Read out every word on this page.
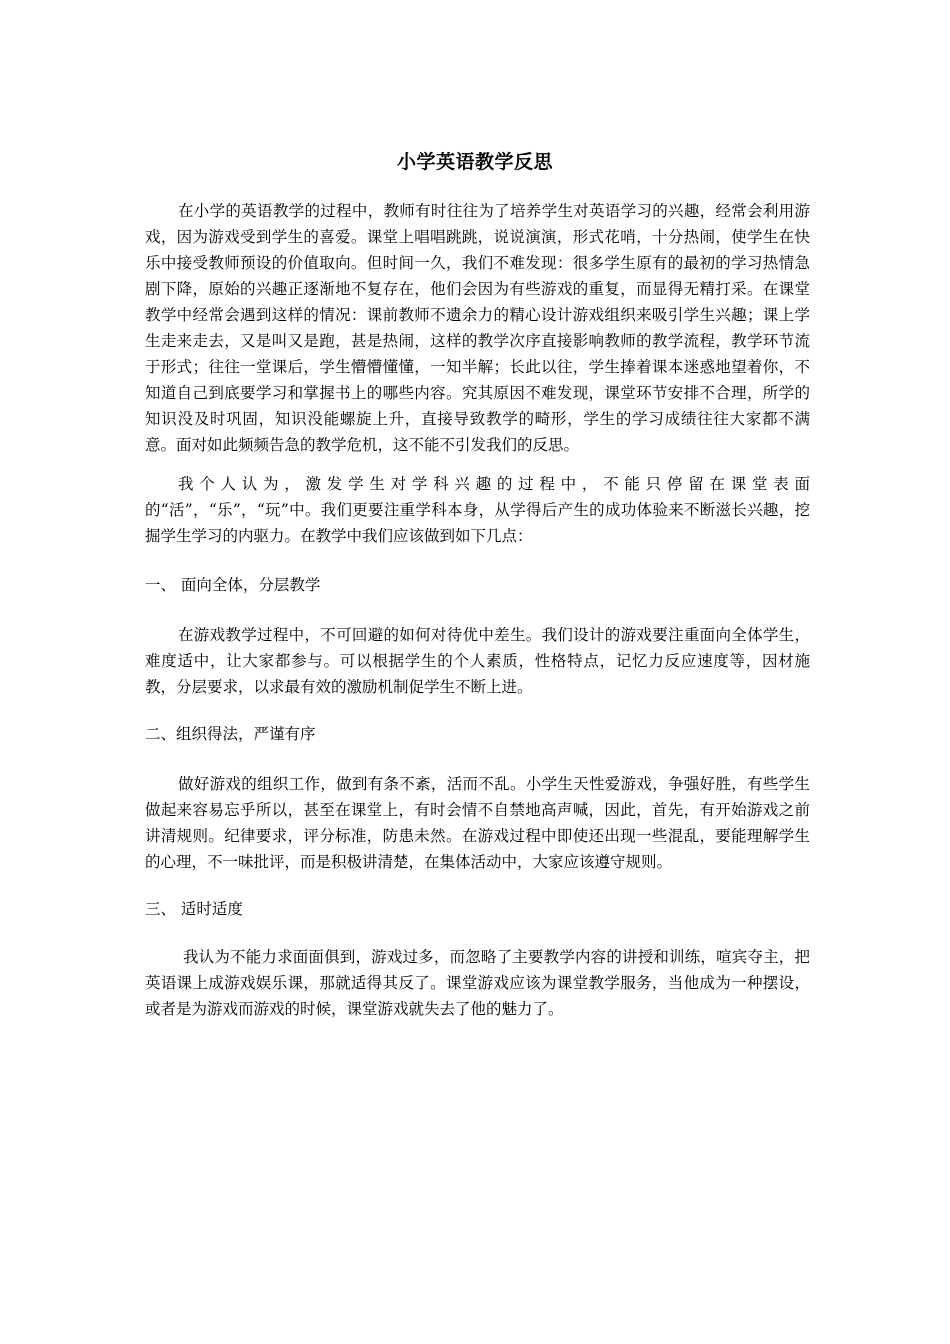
小学英语教学反思
在小学的英语教学的过程中，教师有时往往为了培养学生对英语学习的兴趣，经常会利用游戏，因为游戏受到学生的喜爱。课堂上唱唱跳跳，说说演演，形式花哨，十分热闹，使学生在快乐中接受教师预设的价值取向。但时间一久，我们不难发现：很多学生原有的最初的学习热情急剧下降，原始的兴趣正逐渐地不复存在，他们会因为有些游戏的重复，而显得无精打采。在课堂教学中经常会遇到这样的情况：课前教师不遗余力的精心设计游戏组织来吸引学生兴趣；课上学生走来走去，又是叫又是跑，甚是热闹，这样的教学次序直接影响教师的教学流程，教学环节流于形式；往往一堂课后，学生懵懵懂懂，一知半解；长此以往，学生捧着课本迷惑地望着你，不知道自己到底要学习和掌握书上的哪些内容。究其原因不难发现，课堂环节安排不合理，所学的知识没及时巩固，知识没能螺旋上升，直接导致教学的畸形，学生的学习成绩往往大家都不满意。面对如此频频告急的教学危机，这不能不引发我们的反思。
我个人认为，激发学生对学科兴趣的过程中，不能只停留在课堂表面的“活”，“乐”，“玩”中。我们更要注重学科本身，从学得后产生的成功体验来不断滋长兴趣，挖掘学生学习的内驱力。在教学中我们应该做到如下几点：
一、 面向全体，分层教学
在游戏教学过程中，不可回避的如何对待优中差生。我们设计的游戏要注重面向全体学生，难度适中，让大家都参与。可以根据学生的个人素质，性格特点，记忆力反应速度等，因材施教，分层要求，以求最有效的激励机制促学生不断上进。
二、组织得法，严谨有序
做好游戏的组织工作，做到有条不紊，活而不乱。小学生天性爱游戏，争强好胜，有些学生做起来容易忘乎所以，甚至在课堂上，有时会情不自禁地高声喊，因此，首先，有开始游戏之前讲清规则。纪律要求，评分标准，防患未然。在游戏过程中即使还出现一些混乱，要能理解学生的心理，不一味批评，而是积极讲清楚，在集体活动中，大家应该遵守规则。
三、 适时适度
我认为不能力求面面俱到，游戏过多，而忽略了主要教学内容的讲授和训练，喧宾夺主，把英语课上成游戏娱乐课，那就适得其反了。课堂游戏应该为课堂教学服务，当他成为一种摆设，或者是为游戏而游戏的时候，课堂游戏就失去了他的魅力了。
